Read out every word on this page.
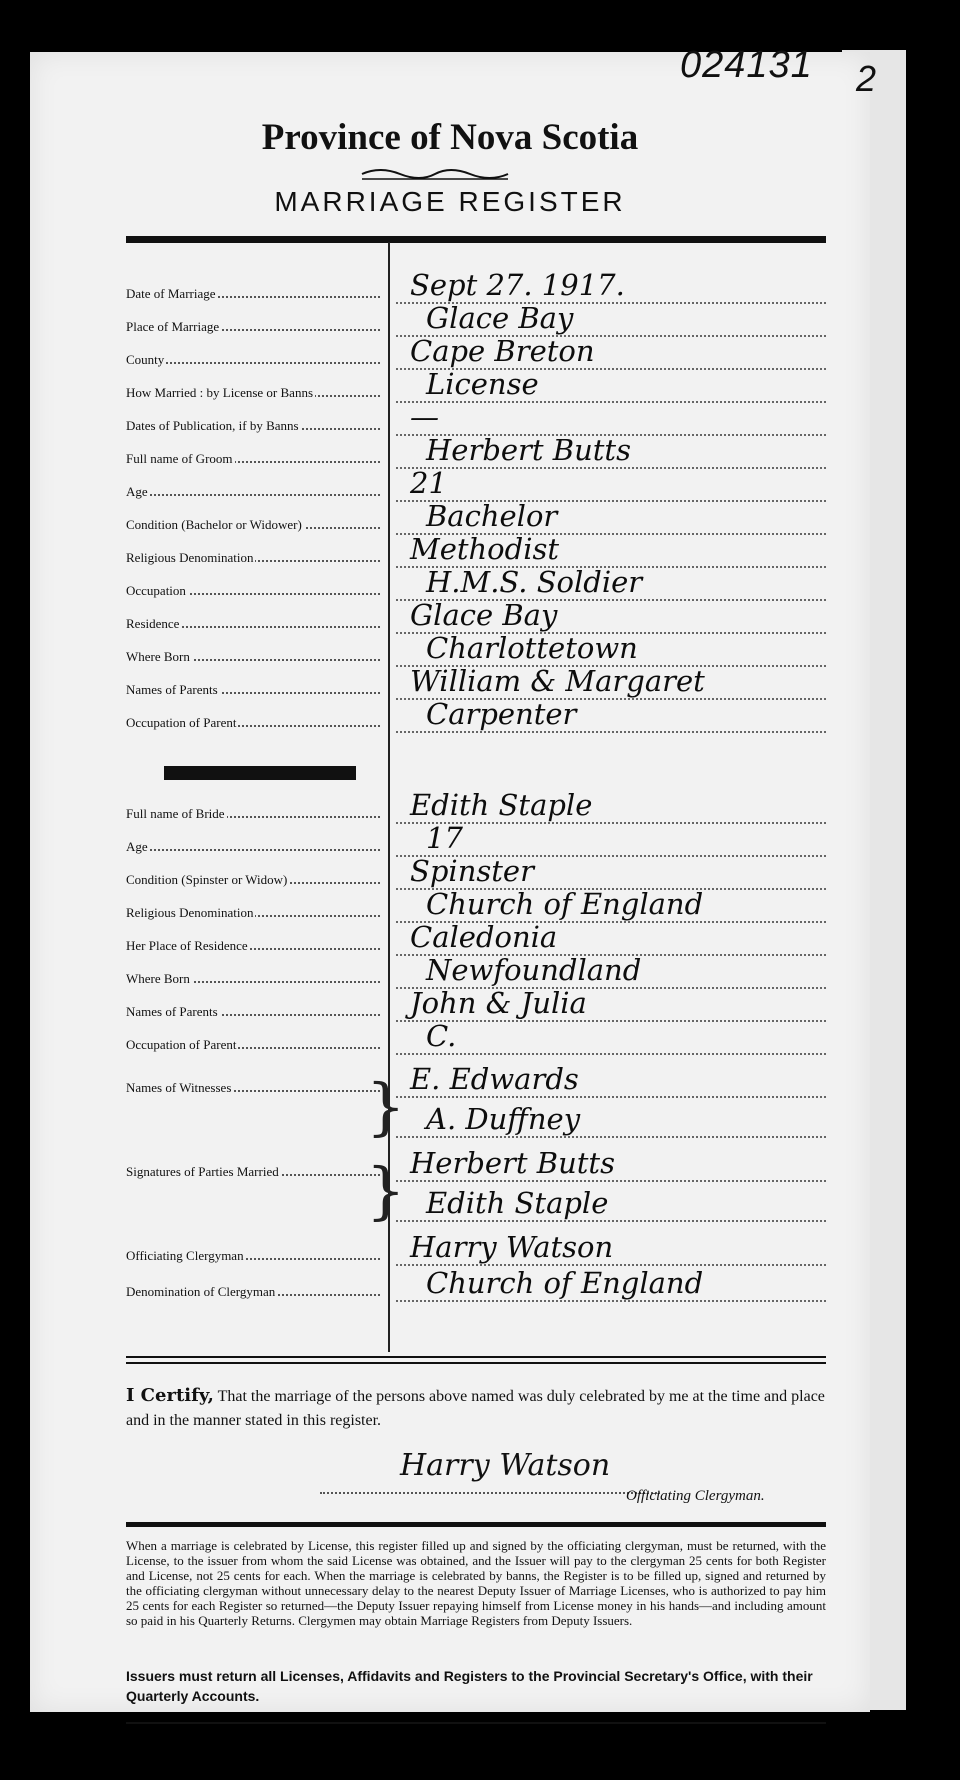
2
024131
Province of Nova Scotia
MARRIAGE REGISTER
Date of Marriage	Sept 27. 1917.
Place of Marriage	Glace Bay
County	Cape Breton
How Married : by License or Banns	License
Dates of Publication, if by Banns	—
Full name of Groom	Herbert Butts
Age	21
Condition (Bachelor or Widower)	Bachelor
Religious Denomination	Methodist
Occupation	H.M.S. Soldier
Residence	Glace Bay
Where Born	Charlottetown
Names of Parents	William & Margaret
Occupation of Parent	Carpenter
Full name of Bride	Edith Staple
Age	17
Condition (Spinster or Widow)	Spinster
Religious Denomination	Church of England
Her Place of Residence	Caledonia
Where Born	Newfoundland
Names of Parents	John & Julia
Occupation of Parent	C.
Names of Witnesses	E. Edwards
A. Duffney
Signatures of Parties Married	Herbert Butts
Edith Staple
Officiating Clergyman	Harry Watson
Denomination of Clergyman	Church of England
}
}
I Certify, That the marriage of the persons above named was duly celebrated by me at the time and place and in the manner stated in this register.
Harry Watson
Officiating Clergyman.
When a marriage is celebrated by License, this register filled up and signed by the officiating clergyman, must be returned, with the License, to the issuer from whom the said License was obtained, and the Issuer will pay to the clergyman 25 cents for both Register and License, not 25 cents for each. When the marriage is celebrated by banns, the Register is to be filled up, signed and returned by the officiating clergyman without unnecessary delay to the nearest Deputy Issuer of Marriage Licenses, who is authorized to pay him 25 cents for each Register so returned—the Deputy Issuer repaying himself from License money in his hands—and including amount so paid in his Quarterly Returns. Clergymen may obtain Marriage Registers from Deputy Issuers.
Issuers must return all Licenses, Affidavits and Registers to the Provincial Secretary's Office, with their Quarterly Accounts.
